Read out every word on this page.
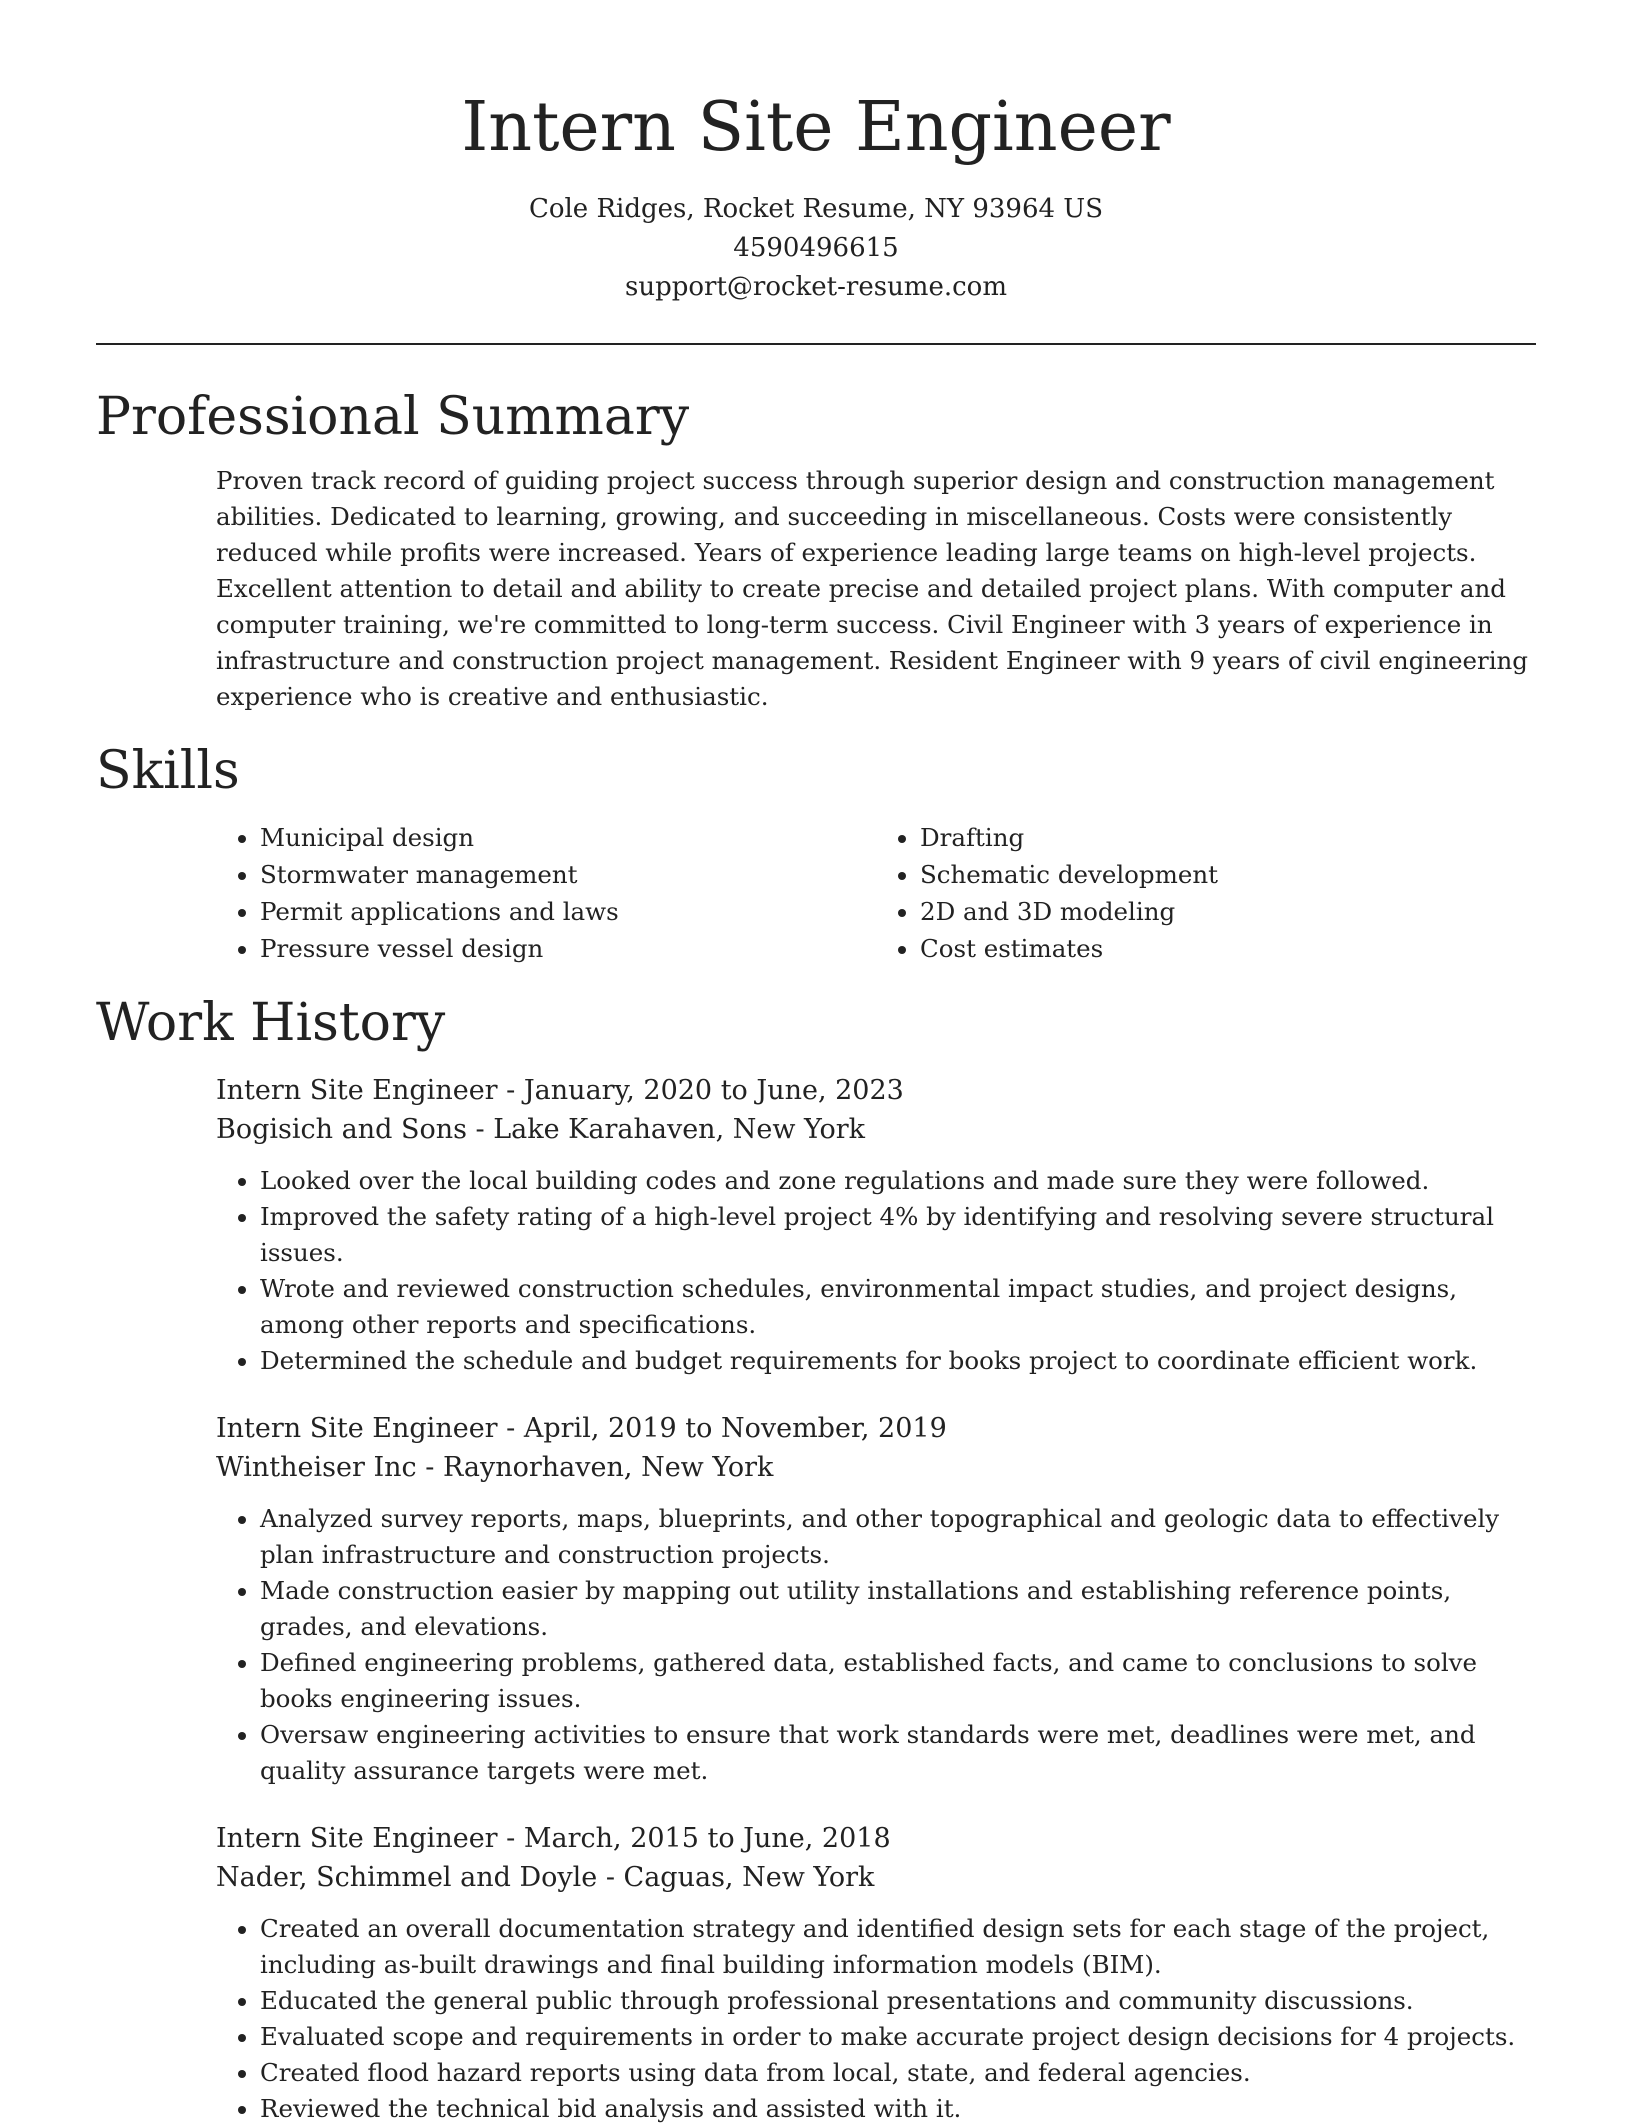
Intern Site Engineer

Cole Ridges, Rocket Resume, NY 93964 US

4590496615

support@rocket-resume.com

Professional Summary

Proven track record of guiding project success through superior design and construction management abilities. Dedicated to learning, growing, and succeeding in miscellaneous. Costs were consistently reduced while profits were increased. Years of experience leading large teams on high-level projects. Excellent attention to detail and ability to create precise and detailed project plans. With computer and computer training, we're committed to long-term success. Civil Engineer with 3 years of experience in infrastructure and construction project management. Resident Engineer with 9 years of civil engineering experience who is creative and enthusiastic.

Skills
• Municipal design
• Stormwater management
• Permit applications and laws
• Pressure vessel design
• Drafting
• Schematic development
• 2D and 3D modeling
• Cost estimates
Work History

Intern Site Engineer - January, 2020 to June, 2023

Bogisich and Sons - Lake Karahaven, New York

• Looked over the local building codes and zone regulations and made sure they were followed.
• Improved the safety rating of a high-level project 4% by identifying and resolving severe structural issues.
• Wrote and reviewed construction schedules, environmental impact studies, and project designs, among other reports and specifications.
• Determined the schedule and budget requirements for books project to coordinate efficient work.

Intern Site Engineer - April, 2019 to November, 2019

Wintheiser Inc - Raynorhaven, New York

• Analyzed survey reports, maps, blueprints, and other topographical and geologic data to effectively plan infrastructure and construction projects.
• Made construction easier by mapping out utility installations and establishing reference points, grades, and elevations.
• Defined engineering problems, gathered data, established facts, and came to conclusions to solve books engineering issues.
• Oversaw engineering activities to ensure that work standards were met, deadlines were met, and quality assurance targets were met.

Intern Site Engineer - March, 2015 to June, 2018

Nader, Schimmel and Doyle - Caguas, New York

• Created an overall documentation strategy and identified design sets for each stage of the project, including as-built drawings and final building information models (BIM).
• Educated the general public through professional presentations and community discussions.
• Evaluated scope and requirements in order to make accurate project design decisions for 4 projects.
• Created flood hazard reports using data from local, state, and federal agencies.
• Reviewed the technical bid analysis and assisted with it.
